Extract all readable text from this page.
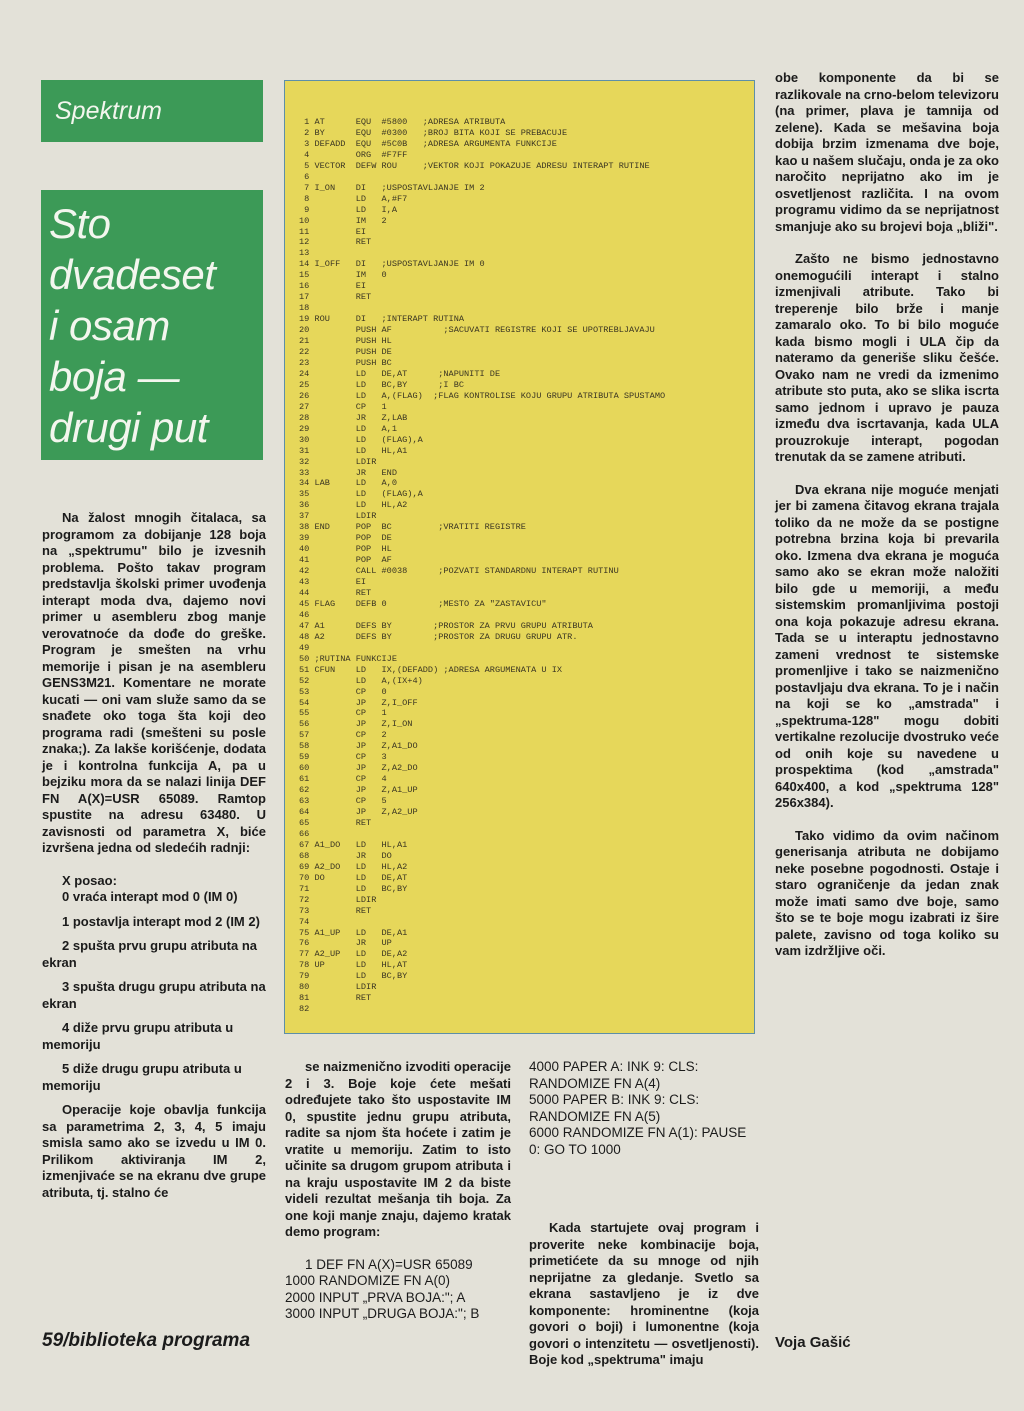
Spektrum
Sto
dvadeset
i osam
boja —
drugi put

Na žalost mnogih čitalaca, sa programom za dobijanje 128 boja na „spektrumu" bilo je izvesnih problema. Pošto takav program predstavlja školski primer uvođenja interapt moda dva, dajemo novi primer u asembleru zbog manje verovatnoće da dođe do greške. Program je smešten na vrhu memorije i pisan je na asembleru GENS3M21. Komentare ne morate kucati — oni vam služe samo da se snađete oko toga šta koji deo programa radi (smešteni su posle znaka;). Za lakše korišćenje, dodata je i kontrolna funkcija A, pa u bejziku mora da se nalazi linija DEF FN A(X)=USR 65089. Ramtop spustite na adresu 63480. U zavisnosti od parametra X, biće izvršena jedna od sledećih radnji:

X posao:

0 vraća interapt mod 0 (IM 0)

1 postavlja interapt mod 2 (IM 2)

2 spušta prvu grupu atributa na ekran

3 spušta drugu grupu atributa na ekran

4 diže prvu grupu atributa u memoriju

5 diže drugu grupu atributa u memoriju

Operacije koje obavlja funkcija sa parametrima 2, 3, 4, 5 imaju smisla samo ako se izvedu u IM 0. Prilikom aktiviranja IM 2, izmenjivaće se na ekranu dve grupe atributa, tj. stalno će

1 AT      EQU  #5800   ;ADRESA ATRIBUTA
2 BY      EQU  #0300   ;BROJ BITA KOJI SE PREBACUJE
3 DEFADD  EQU  #5C0B   ;ADRESA ARGUMENTA FUNKCIJE
4         ORG  #F7FF
5 VECTOR  DEFW ROU     ;VEKTOR KOJI POKAZUJE ADRESU INTERAPT RUTINE
6
7 I_ON    DI   ;USPOSTAVLJANJE IM 2
8         LD   A,#F7
9         LD   I,A
10         IM   2
11         EI
12         RET
13
14 I_OFF   DI   ;USPOSTAVLJANJE IM 0
15         IM   0
16         EI
17         RET
18
19 ROU     DI   ;INTERAPT RUTINA
20         PUSH AF          ;SACUVATI REGISTRE KOJI SE UPOTREBLJAVAJU
21         PUSH HL
22         PUSH DE
23         PUSH BC
24         LD   DE,AT      ;NAPUNITI DE
25         LD   BC,BY      ;I BC
26         LD   A,(FLAG)  ;FLAG KONTROLISE KOJU GRUPU ATRIBUTA SPUSTAMO
27         CP   1
28         JR   Z,LAB
29         LD   A,1
30         LD   (FLAG),A
31         LD   HL,A1
32         LDIR
33         JR   END
34 LAB     LD   A,0
35         LD   (FLAG),A
36         LD   HL,A2
37         LDIR
38 END     POP  BC         ;VRATITI REGISTRE
39         POP  DE
40         POP  HL
41         POP  AF
42         CALL #0038      ;POZVATI STANDARDNU INTERAPT RUTINU
43         EI
44         RET
45 FLAG    DEFB 0          ;MESTO ZA "ZASTAVICU"
46
47 A1      DEFS BY        ;PROSTOR ZA PRVU GRUPU ATRIBUTA
48 A2      DEFS BY        ;PROSTOR ZA DRUGU GRUPU ATR.
49
50 ;RUTINA FUNKCIJE
51 CFUN    LD   IX,(DEFADD) ;ADRESA ARGUMENATA U IX
52         LD   A,(IX+4)
53         CP   0
54         JP   Z,I_OFF
55         CP   1
56         JP   Z,I_ON
57         CP   2
58         JP   Z,A1_DO
59         CP   3
60         JP   Z,A2_DO
61         CP   4
62         JP   Z,A1_UP
63         CP   5
64         JP   Z,A2_UP
65         RET
66
67 A1_DO   LD   HL,A1
68         JR   DO
69 A2_DO   LD   HL,A2
70 DO      LD   DE,AT
71         LD   BC,BY
72         LDIR
73         RET
74
75 A1_UP   LD   DE,A1
76         JR   UP
77 A2_UP   LD   DE,A2
78 UP      LD   HL,AT
79         LD   BC,BY
80         LDIR
81         RET
82

se naizmenično izvoditi operacije 2 i 3. Boje koje ćete mešati određujete tako što uspostavite IM 0, spustite jednu grupu atributa, radite sa njom šta hoćete i zatim je vratite u memoriju. Zatim to isto učinite sa drugom grupom atributa i na kraju uspostavite IM 2 da biste videli rezultat mešanja tih boja. Za one koji manje znaju, dajemo kratak demo program:

1 DEF FN A(X)=USR 65089

1000 RANDOMIZE FN A(0)

2000 INPUT „PRVA BOJA:"; A

3000 INPUT „DRUGA BOJA:"; B

4000 PAPER A: INK 9: CLS: RANDOMIZE FN A(4)

5000 PAPER B: INK 9: CLS: RANDOMIZE FN A(5)

6000 RANDOMIZE FN A(1): PAUSE 0: GO TO 1000

Kada startujete ovaj program i proverite neke kombinacije boja, primetićete da su mnoge od njih neprijatne za gledanje. Svetlo sa ekrana sastavljeno je iz dve komponente: hrominentne (koja govori o boji) i lumonentne (koja govori o intenzitetu — osvetljenosti). Boje kod „spektruma" imaju

obe komponente da bi se razlikovale na crno-belom televizoru (na primer, plava je tamnija od zelene). Kada se mešavina boja dobija brzim izmenama dve boje, kao u našem slučaju, onda je za oko naročito neprijatno ako im je osvetljenost različita. I na ovom programu vidimo da se neprijatnost smanjuje ako su brojevi boja „bliži".

Zašto ne bismo jednostavno onemogućili interapt i stalno izmenjivali atribute. Tako bi treperenje bilo brže i manje zamaralo oko. To bi bilo moguće kada bismo mogli i ULA čip da nateramo da generiše sliku češće. Ovako nam ne vredi da izmenimo atribute sto puta, ako se slika iscrta samo jednom i upravo je pauza između dva iscrtavanja, kada ULA prouzrokuje interapt, pogodan trenutak da se zamene atributi.

Dva ekrana nije moguće menjati jer bi zamena čitavog ekrana trajala toliko da ne može da se postigne potrebna brzina koja bi prevarila oko. Izmena dva ekrana je moguća samo ako se ekran može naložiti bilo gde u memoriji, a među sistemskim promanljivima postoji ona koja pokazuje adresu ekrana. Tada se u interaptu jednostavno zameni vrednost te sistemske promenljive i tako se naizmenično postavljaju dva ekrana. To je i način na koji se ko „amstrada" i „spektruma-128" mogu dobiti vertikalne rezolucije dvostruko veće od onih koje su navedene u prospektima (kod „amstrada" 640x400, a kod „spektruma 128" 256x384).

Tako vidimo da ovim načinom generisanja atributa ne dobijamo neke posebne pogodnosti. Ostaje i staro ograničenje da jedan znak može imati samo dve boje, samo što se te boje mogu izabrati iz šire palete, zavisno od toga koliko su vam izdržljive oči.

59/biblioteka programa	Voja Gašić
